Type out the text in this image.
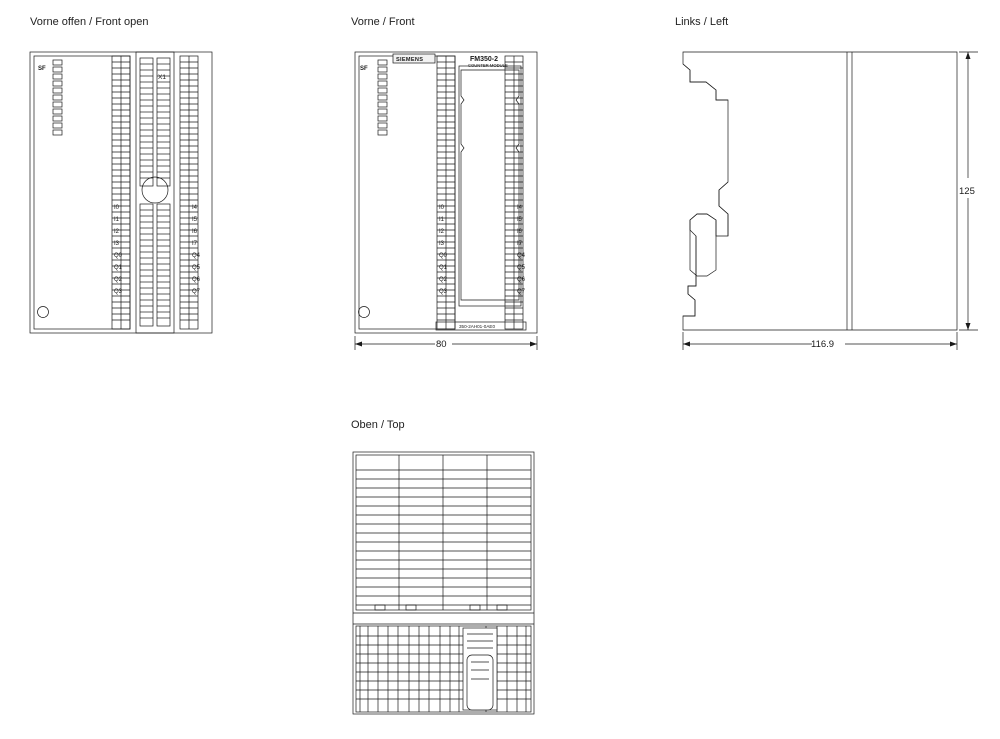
Vorne offen / Front open	Vorne / Front	Links / Left
Oben / Top
SF
X1
I0
I1
I2
I3
Q0
Q1
Q2
Q3
I4
I5
I6
I7
Q4
Q5
Q6
Q7
SF
SIEMENS	FM350-2
COUNTER MODULE
I0
I1
I2
I3
Q0
Q1
Q2
Q3
I4
I5
I6
I7
Q4
Q5
Q6
Q7
350-2AH01-0AE0
80	116.9
125
